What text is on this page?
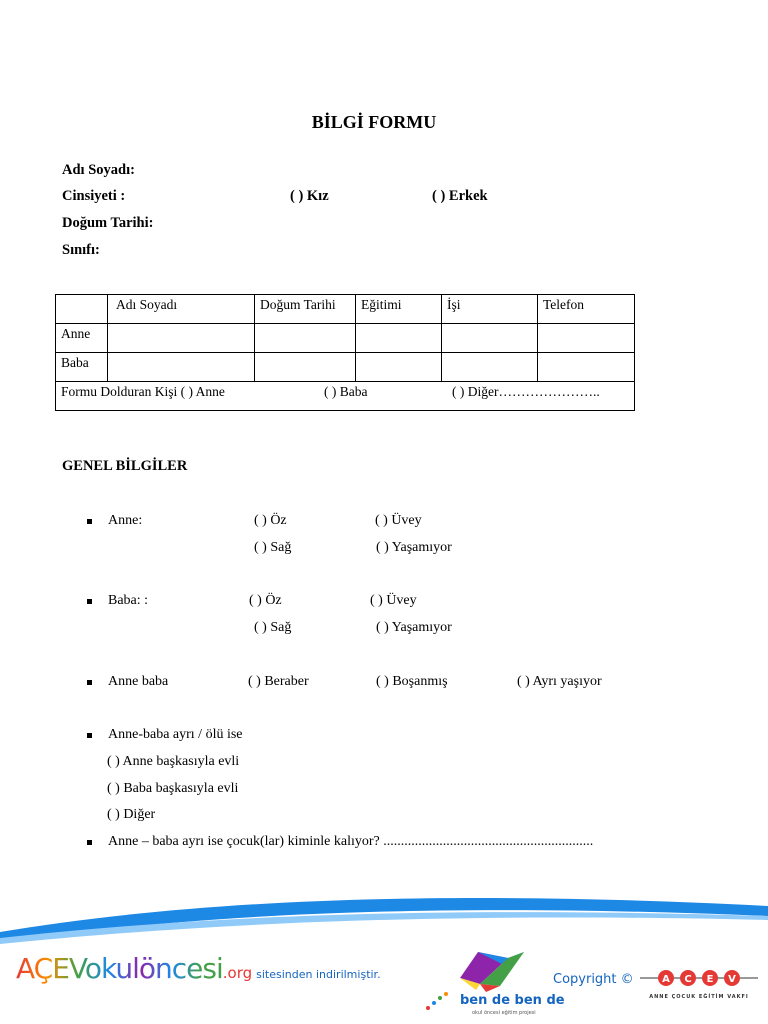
BİLGİ FORMU
Adı Soyadı:
Cinsiyeti :	( ) Kız	( ) Erkek
Doğum Tarihi:
Sınıfı:
	Adı Soyadı	Doğum Tarihi	Eğitimi	İşi	Telefon
Anne					
Baba					
Formu Dolduran Kişi ( ) Anne ( ) Baba ( ) Diğer…………………..					
GENEL BİLGİLER
Anne:	( ) Öz	( ) Üvey
( ) Sağ	( ) Yaşamıyor
Baba: :	( ) Öz	( ) Üvey
( ) Sağ	( ) Yaşamıyor
Anne baba	( ) Beraber	( ) Boşanmış	( ) Ayrı yaşıyor
Anne-baba ayrı / ölü ise
( ) Anne başkasıyla evli
( ) Baba başkasıyla evli
( ) Diğer
Anne – baba ayrı ise çocuk(lar) kiminle kalıyor? ............................................................
AÇEVokulöncesi.org sitesinden indirilmiştir.
ben de ben de
okul öncesi eğitim projesi
Copyright ©	A C E V
ANNE ÇOCUK EĞİTİM VAKFI
